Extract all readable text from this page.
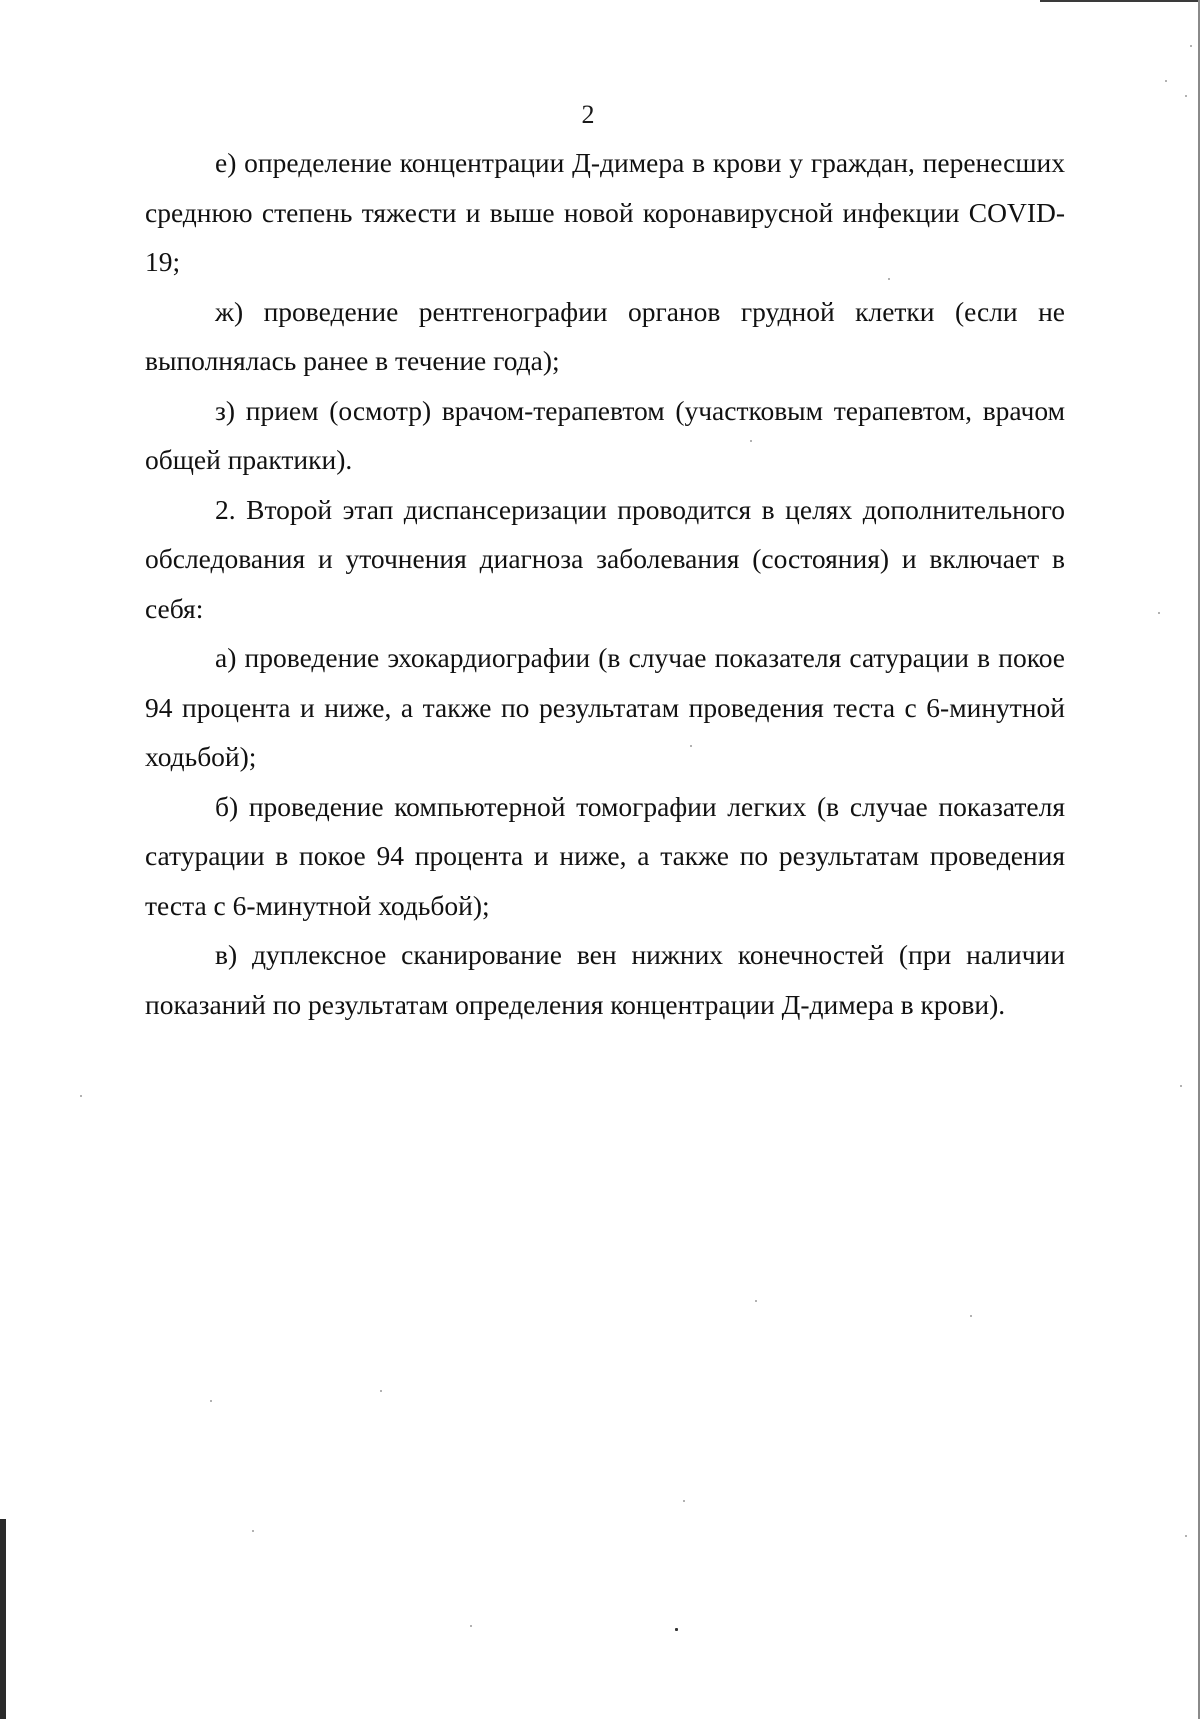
2

е) определение концентрации Д-димера в крови у граждан, перенесших среднюю степень тяжести и выше новой коронавирусной инфекции COVID-19;

ж) проведение рентгенографии органов грудной клетки (если не выполнялась ранее в течение года);

з) прием (осмотр) врачом-терапевтом (участковым терапевтом, врачом общей практики).

2. Второй этап диспансеризации проводится в целях дополнительного обследования и уточнения диагноза заболевания (состояния) и включает в себя:

а) проведение эхокардиографии (в случае показателя сатурации в покое 94 процента и ниже, а также по результатам проведения теста с 6-минутной ходьбой);

б) проведение компьютерной томографии легких (в случае показателя сатурации в покое 94 процента и ниже, а также по результатам проведения теста с 6-минутной ходьбой);

в) дуплексное сканирование вен нижних конечностей (при наличии показаний по результатам определения концентрации Д-димера в крови).
